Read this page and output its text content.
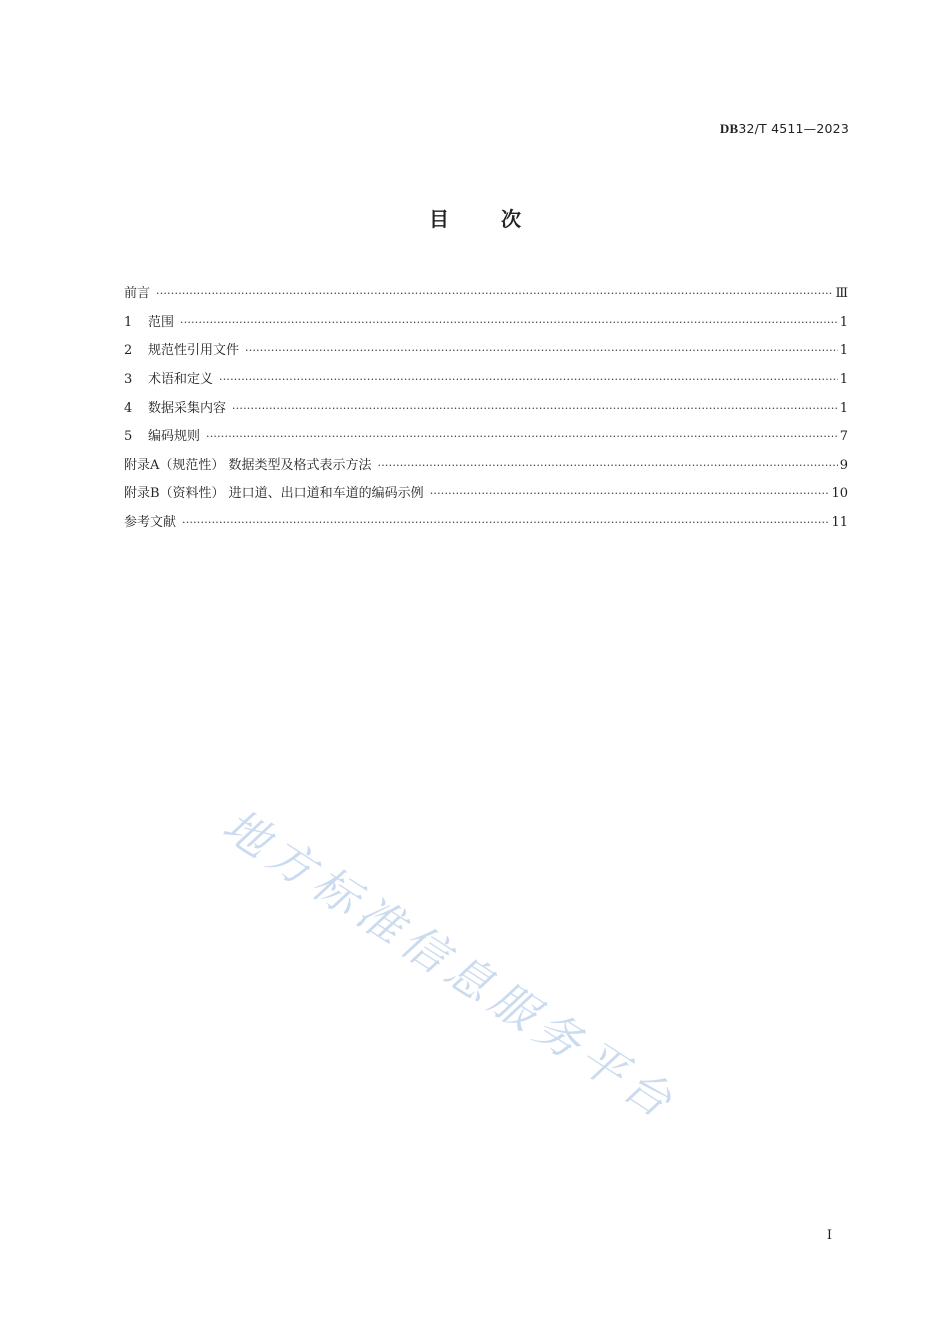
DB32/T 4511—2023
目次
前言 ·····	Ⅲ
1	范围 ·····	1
2	规范性引用文件 ·····	1
3	术语和定义 ·····	1
4	数据采集内容 ·····	1
5	编码规则 ·····	7
附录A（规范性） 数据类型及格式表示方法 ·····	9
附录B（资料性） 进口道、出口道和车道的编码示例 ·····	10
参考文献 ·····	11
地方标准信息服务平台
I
